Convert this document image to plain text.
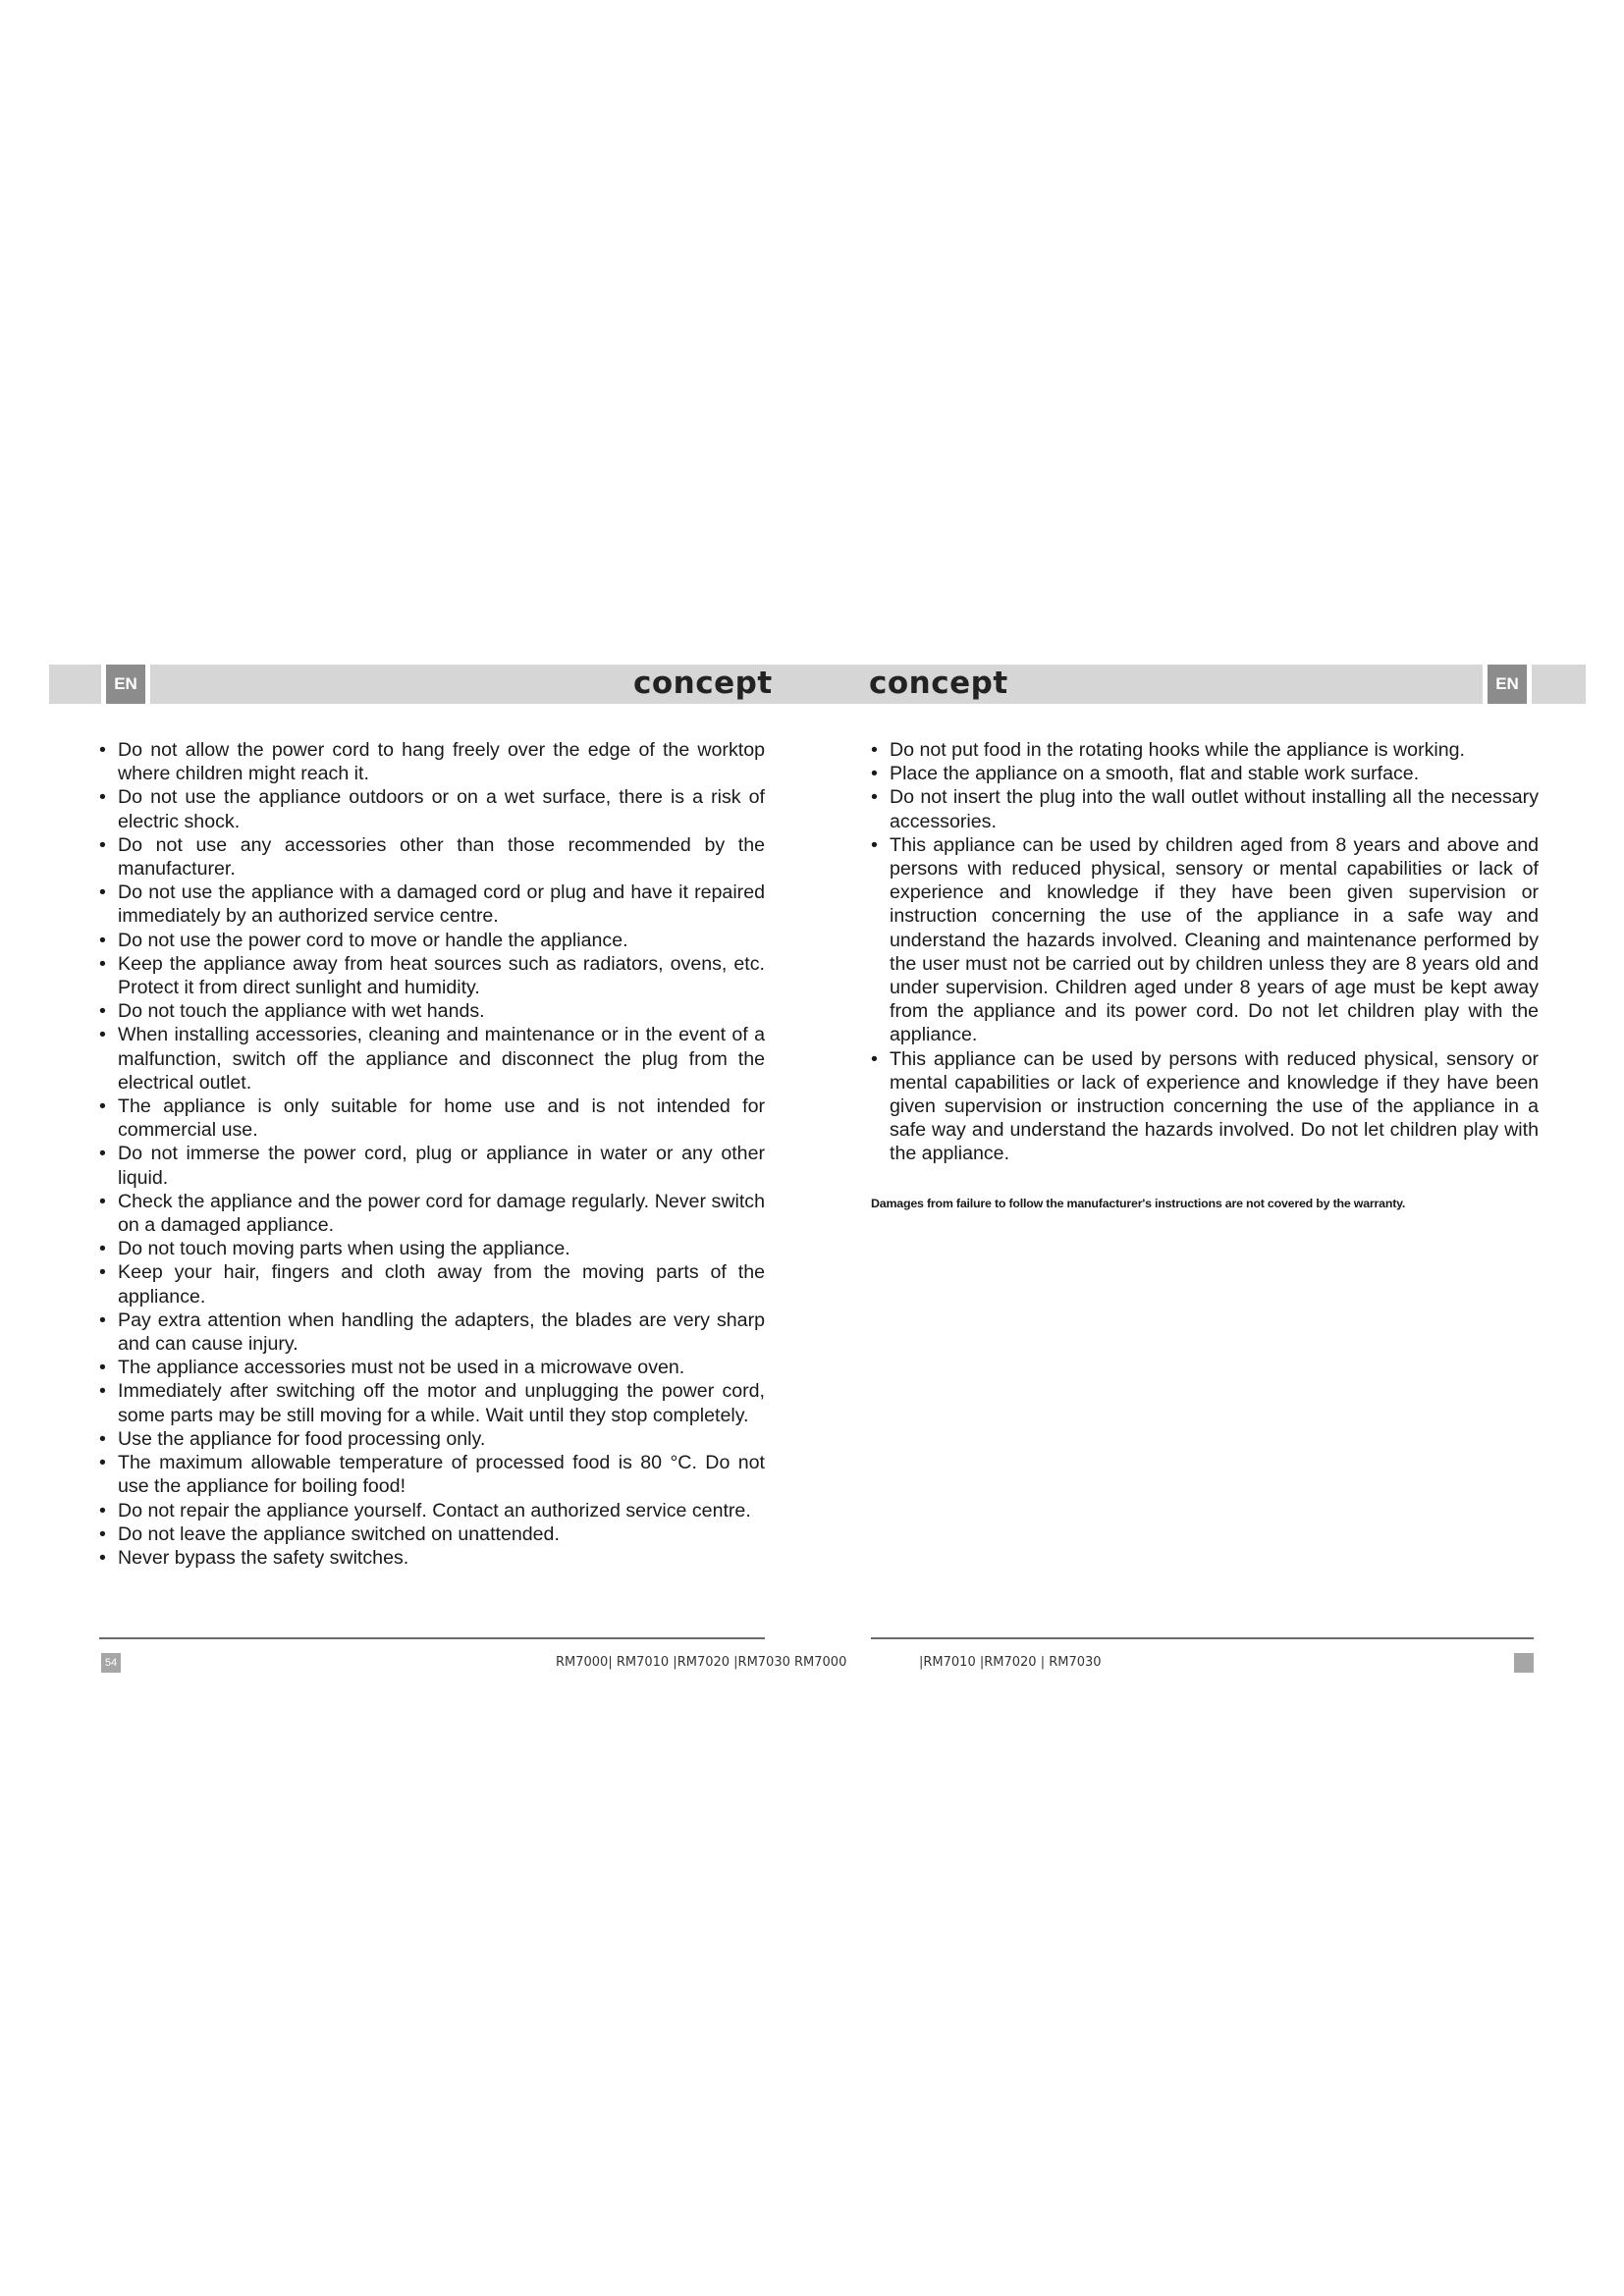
EN	concept	concept	EN
• Do not allow the power cord to hang freely over the edge of the worktop where children might reach it.
• Do not use the appliance outdoors or on a wet surface, there is a risk of electric shock.
• Do not use any accessories other than those recommended by the manufacturer.
• Do not use the appliance with a damaged cord or plug and have it repaired immediately by an authorized service centre.
• Do not use the power cord to move or handle the appliance.
• Keep the appliance away from heat sources such as radiators, ovens, etc. Protect it from direct sunlight and humidity.
• Do not touch the appliance with wet hands.
• When installing accessories, cleaning and maintenance or in the event of a malfunction, switch off the appliance and disconnect the plug from the electrical outlet.
• The appliance is only suitable for home use and is not intended for commercial use.
• Do not immerse the power cord, plug or appliance in water or any other liquid.
• Check the appliance and the power cord for damage regularly. Never switch on a damaged appliance.
• Do not touch moving parts when using the appliance.
• Keep your hair, fingers and cloth away from the moving parts of the appliance.
• Pay extra attention when handling the adapters, the blades are very sharp and can cause injury.
• The appliance accessories must not be used in a microwave oven.
• Immediately after switching off the motor and unplugging the power cord, some parts may be still moving for a while. Wait until they stop completely.
• Use the appliance for food processing only.
• The maximum allowable temperature of processed food is 80 °C. Do not use the appliance for boiling food!
• Do not repair the appliance yourself. Contact an authorized service centre.
• Do not leave the appliance switched on unattended.
• Never bypass the safety switches.
• Do not put food in the rotating hooks while the appliance is working.
• Place the appliance on a smooth, flat and stable work surface.
• Do not insert the plug into the wall outlet without installing all the necessary accessories.
• This appliance can be used by children aged from 8 years and above and persons with reduced physical, sensory or mental capabilities or lack of experience and knowledge if they have been given supervision or instruction concerning the use of the appliance in a safe way and understand the hazards involved. Cleaning and maintenance performed by the user must not be carried out by children unless they are 8 years old and under supervision. Children aged under 8 years of age must be kept away from the appliance and its power cord. Do not let children play with the appliance.
• This appliance can be used by persons with reduced physical, sensory or mental capabilities or lack of experience and knowledge if they have been given supervision or instruction concerning the use of the appliance in a safe way and understand the hazards involved. Do not let children play with the appliance.
Damages from failure to follow the manufacturer's instructions are not covered by the warranty.
54	RM7000| RM7010 |RM7020 |RM7030 RM7000	|RM7010 |RM7020 | RM7030
